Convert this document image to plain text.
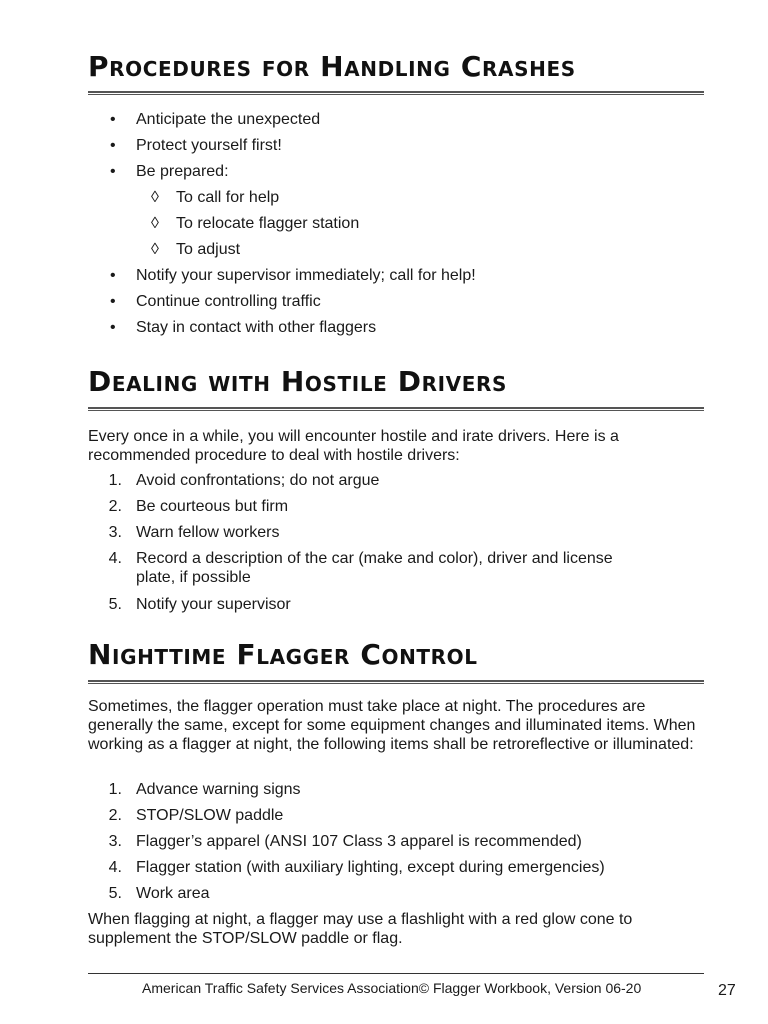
Procedures for Handling Crashes
• Anticipate the unexpected
• Protect yourself first!
• Be prepared:
◊ To call for help
◊ To relocate flagger station
◊ To adjust
• Notify your supervisor immediately; call for help!
• Continue controlling traffic
• Stay in contact with other flaggers
Dealing with Hostile Drivers

Every once in a while, you will encounter hostile and irate drivers. Here is a recommended procedure to deal with hostile drivers:

1. Avoid confrontations; do not argue
2. Be courteous but firm
3. Warn fellow workers
4. Record a description of the car (make and color), driver and license
plate, if possible
5. Notify your supervisor
Nighttime Flagger Control

Sometimes, the flagger operation must take place at night. The procedures are generally the same, except for some equipment changes and illuminated items. When working as a flagger at night, the following items shall be retroreflective or illuminated:

1. Advance warning signs
2. STOP/SLOW paddle
3. Flagger’s apparel (ANSI 107 Class 3 apparel is recommended)
4. Flagger station (with auxiliary lighting, except during emergencies)
5. Work area

When flagging at night, a flagger may use a flashlight with a red glow cone to supplement the STOP/SLOW paddle or flag.

American Traffic Safety Services Association© Flagger Workbook, Version 06-20	27
